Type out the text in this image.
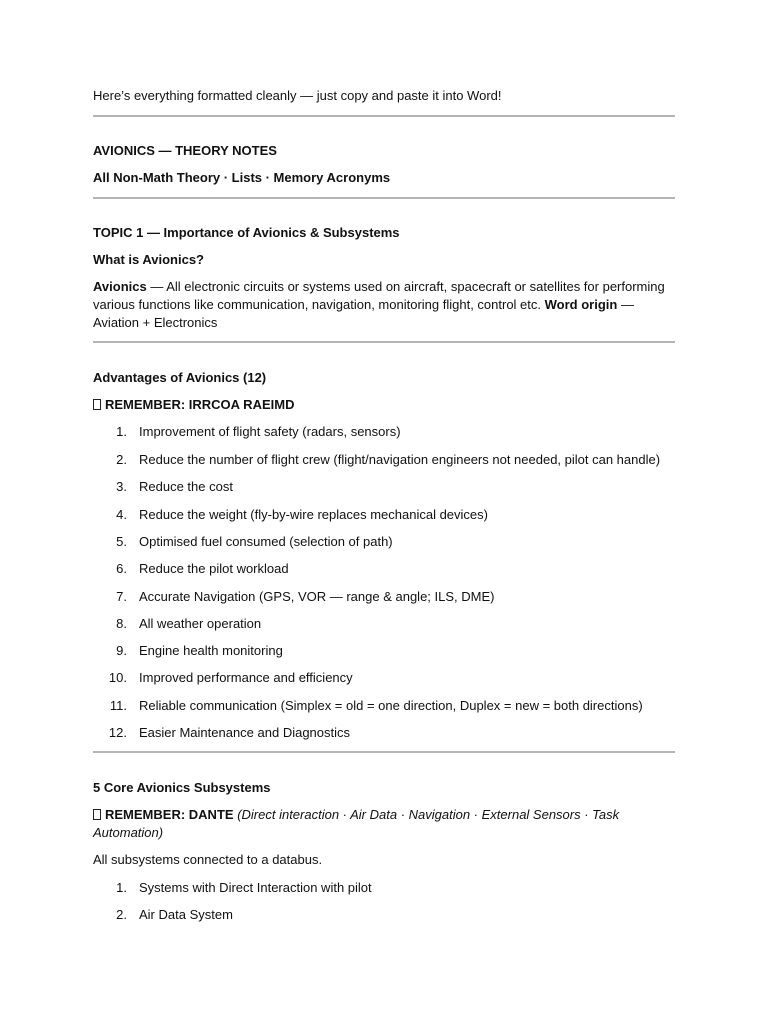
Here’s everything formatted cleanly — just copy and paste it into Word!
AVIONICS — THEORY NOTES
All Non-Math Theory · Lists · Memory Acronyms
TOPIC 1 — Importance of Avionics & Subsystems
What is Avionics?
Avionics — All electronic circuits or systems used on aircraft, spacecraft or satellites for performing various functions like communication, navigation, monitoring flight, control etc. Word origin — Aviation + Electronics
Advantages of Avionics (12)
REMEMBER: IRRCOA RAEIMD
1. Improvement of flight safety (radars, sensors)
2. Reduce the number of flight crew (flight/navigation engineers not needed, pilot can handle)
3. Reduce the cost
4. Reduce the weight (fly-by-wire replaces mechanical devices)
5. Optimised fuel consumed (selection of path)
6. Reduce the pilot workload
7. Accurate Navigation (GPS, VOR — range & angle; ILS, DME)
8. All weather operation
9. Engine health monitoring
10. Improved performance and efficiency
11. Reliable communication (Simplex = old = one direction, Duplex = new = both directions)
12. Easier Maintenance and Diagnostics
5 Core Avionics Subsystems
REMEMBER: DANTE (Direct interaction · Air Data · Navigation · External Sensors · Task Automation)
All subsystems connected to a databus.
1. Systems with Direct Interaction with pilot
2. Air Data System
